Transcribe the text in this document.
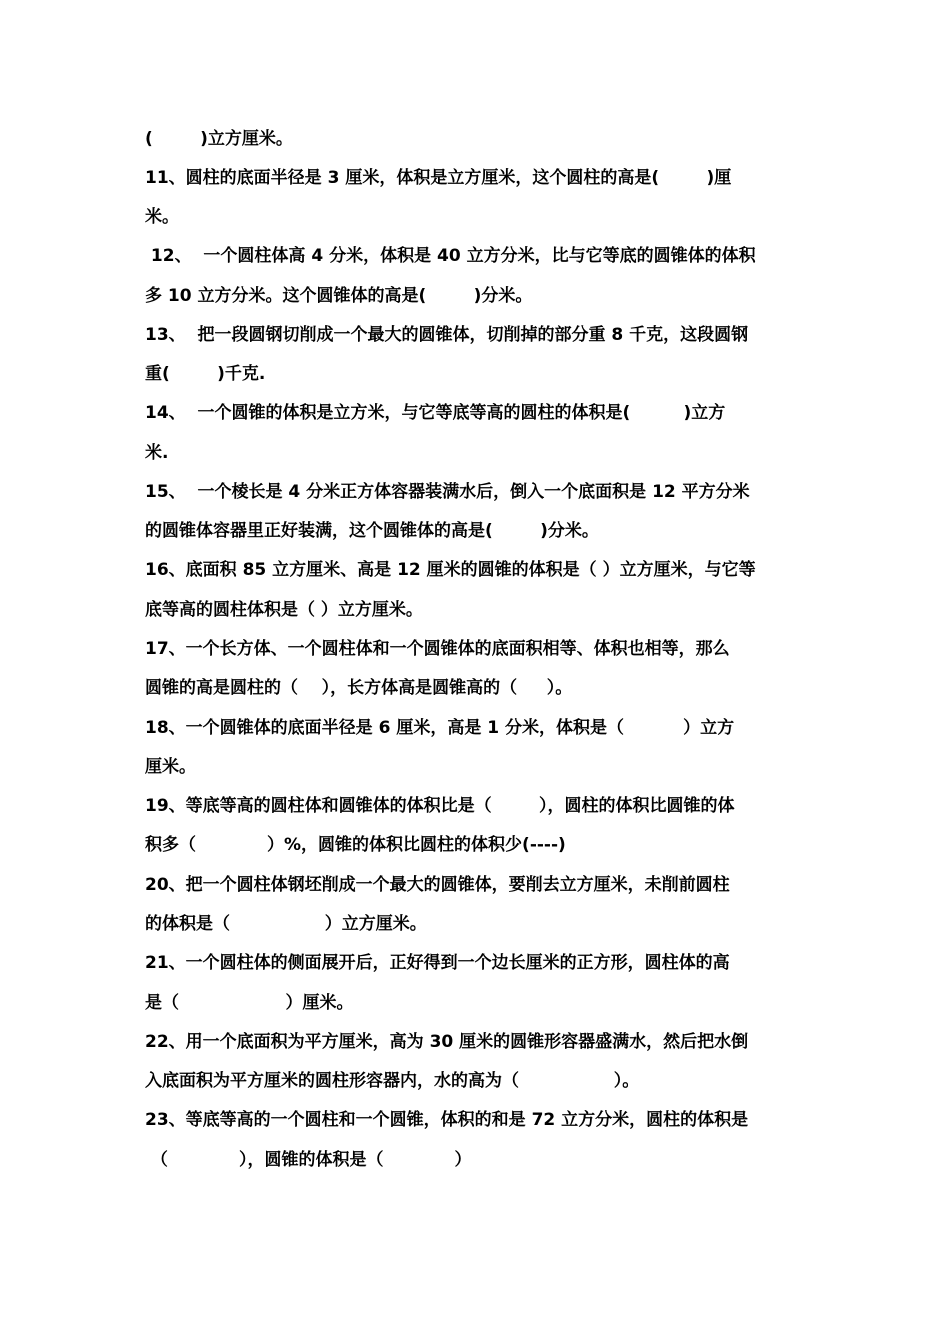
(        )立方厘米。
11、圆柱的底面半径是 3 厘米，体积是立方厘米，这个圆柱的高是(        )厘
米。
12、  一个圆柱体高 4 分米，体积是 40 立方分米，比与它等底的圆锥体的体积
多 10 立方分米。这个圆锥体的高是(        )分米。
13、  把一段圆钢切削成一个最大的圆锥体，切削掉的部分重 8 千克，这段圆钢
重(        )千克.
14、  一个圆锥的体积是立方米，与它等底等高的圆柱的体积是(         )立方
米.
15、  一个棱长是 4 分米正方体容器装满水后，倒入一个底面积是 12 平方分米
的圆锥体容器里正好装满，这个圆锥体的高是(        )分米。
16、底面积 85 立方厘米、高是 12 厘米的圆锥的体积是（ ）立方厘米，与它等
底等高的圆柱体积是（ ）立方厘米。
17、一个长方体、一个圆柱体和一个圆锥体的底面积相等、体积也相等，那么
圆锥的高是圆柱的（    ），长方体高是圆锥高的（     ）。
18、一个圆锥体的底面半径是 6 厘米，高是 1 分米，体积是（          ）立方
厘米。
19、等底等高的圆柱体和圆锥体的体积比是（        ），圆柱的体积比圆锥的体
积多（            ）%，圆锥的体积比圆柱的体积少(----)
20、把一个圆柱体钢坯削成一个最大的圆锥体，要削去立方厘米，未削前圆柱
的体积是（                ）立方厘米。
21、一个圆柱体的侧面展开后，正好得到一个边长厘米的正方形，圆柱体的高
是（                  ）厘米。
22、用一个底面积为平方厘米，高为 30 厘米的圆锥形容器盛满水，然后把水倒
入底面积为平方厘米的圆柱形容器内，水的高为（                ）。
23、等底等高的一个圆柱和一个圆锥，体积的和是 72 立方分米，圆柱的体积是
（            ），圆锥的体积是（            ）
